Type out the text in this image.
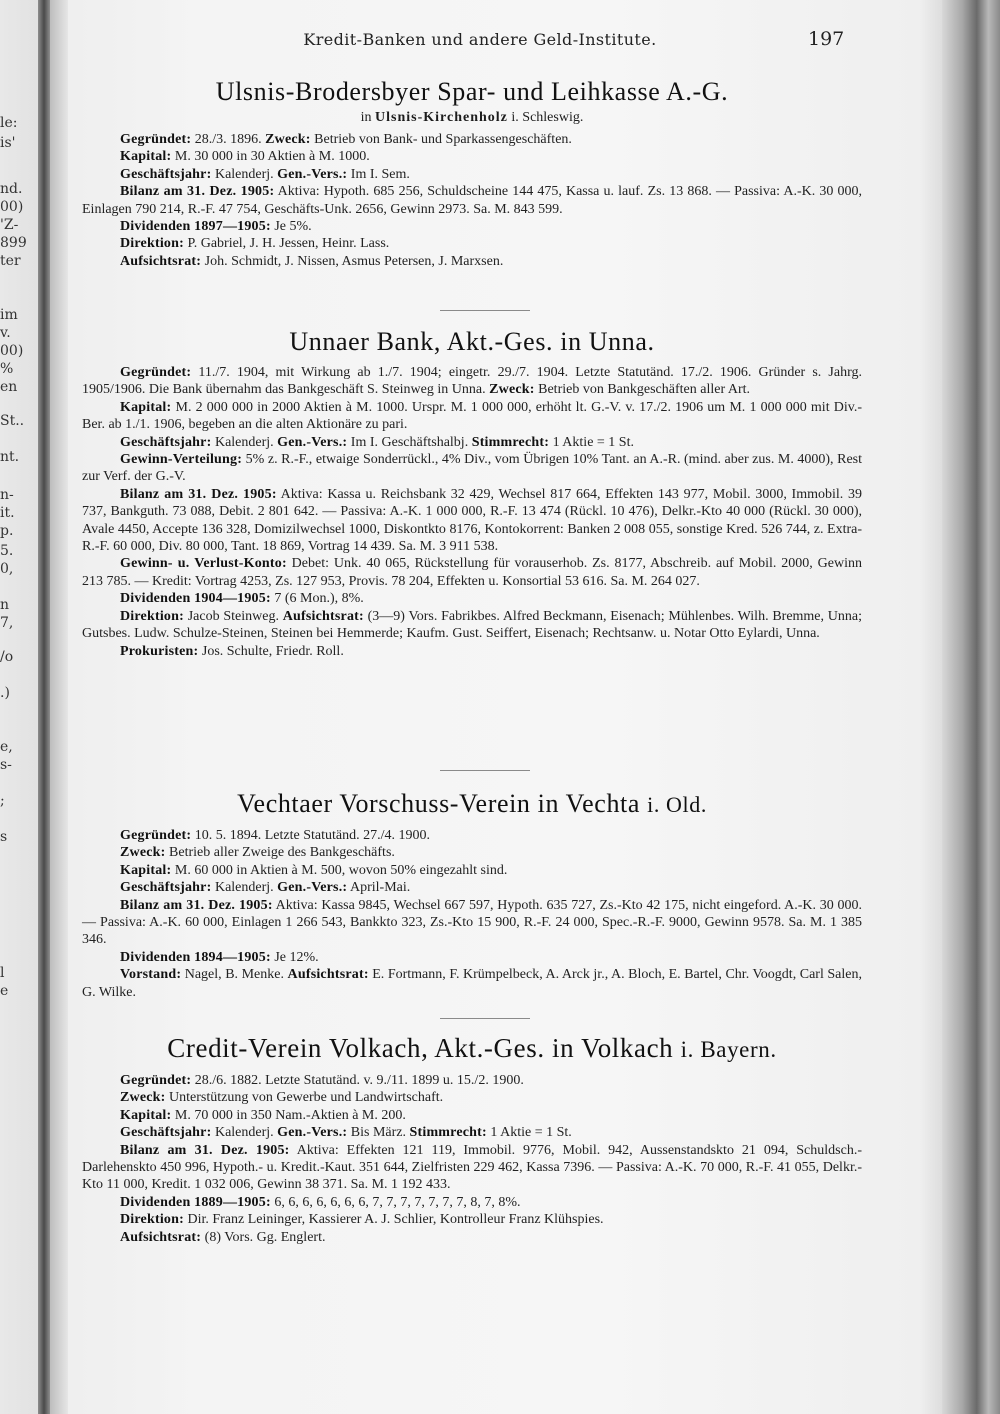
le:
is'
nd.
00)
'Z-
899
ter
im
v.
00)
%
en
St..
nt.
n-
it.
p.
5.
0,
n
7,
/o
.)
e,
s-
;
s
l
e
Kredit-Banken und andere Geld-Institute.	197
Ulsnis-Brodersbyer Spar- und Leihkasse A.-G.
in Ulsnis-Kirchenholz i. Schleswig.

Gegründet: 28./3. 1896. Zweck: Betrieb von Bank- und Sparkassengeschäften.

Kapital: M. 30 000 in 30 Aktien à M. 1000.

Geschäftsjahr: Kalenderj. Gen.-Vers.: Im I. Sem.

Bilanz am 31. Dez. 1905: Aktiva: Hypoth. 685 256, Schuldscheine 144 475, Kassa u. lauf. Zs. 13 868. — Passiva: A.-K. 30 000, Einlagen 790 214, R.-F. 47 754, Geschäfts-Unk. 2656, Gewinn 2973. Sa. M. 843 599.

Dividenden 1897—1905: Je 5%.

Direktion: P. Gabriel, J. H. Jessen, Heinr. Lass.

Aufsichtsrat: Joh. Schmidt, J. Nissen, Asmus Petersen, J. Marxsen.

Unnaer Bank, Akt.-Ges. in Unna.

Gegründet: 11./7. 1904, mit Wirkung ab 1./7. 1904; eingetr. 29./7. 1904. Letzte Statutänd. 17./2. 1906. Gründer s. Jahrg. 1905/1906. Die Bank übernahm das Bankgeschäft S. Steinweg in Unna. Zweck: Betrieb von Bankgeschäften aller Art.

Kapital: M. 2 000 000 in 2000 Aktien à M. 1000. Urspr. M. 1 000 000, erhöht lt. G.-V. v. 17./2. 1906 um M. 1 000 000 mit Div.-Ber. ab 1./1. 1906, begeben an die alten Aktionäre zu pari.

Geschäftsjahr: Kalenderj. Gen.-Vers.: Im I. Geschäftshalbj. Stimmrecht: 1 Aktie = 1 St.

Gewinn-Verteilung: 5% z. R.-F., etwaige Sonderrückl., 4% Div., vom Übrigen 10% Tant. an A.-R. (mind. aber zus. M. 4000), Rest zur Verf. der G.-V.

Bilanz am 31. Dez. 1905: Aktiva: Kassa u. Reichsbank 32 429, Wechsel 817 664, Effekten 143 977, Mobil. 3000, Immobil. 39 737, Bankguth. 73 088, Debit. 2 801 642. — Passiva: A.-K. 1 000 000, R.-F. 13 474 (Rückl. 10 476), Delkr.-Kto 40 000 (Rückl. 30 000), Avale 4450, Accepte 136 328, Domizilwechsel 1000, Diskontkto 8176, Kontokorrent: Banken 2 008 055, sonstige Kred. 526 744, z. Extra-R.-F. 60 000, Div. 80 000, Tant. 18 869, Vortrag 14 439. Sa. M. 3 911 538.

Gewinn- u. Verlust-Konto: Debet: Unk. 40 065, Rückstellung für vorauserhob. Zs. 8177, Abschreib. auf Mobil. 2000, Gewinn 213 785. — Kredit: Vortrag 4253, Zs. 127 953, Provis. 78 204, Effekten u. Konsortial 53 616. Sa. M. 264 027.

Dividenden 1904—1905: 7 (6 Mon.), 8%.

Direktion: Jacob Steinweg. Aufsichtsrat: (3—9) Vors. Fabrikbes. Alfred Beckmann, Eisenach; Mühlenbes. Wilh. Bremme, Unna; Gutsbes. Ludw. Schulze-Steinen, Steinen bei Hemmerde; Kaufm. Gust. Seiffert, Eisenach; Rechtsanw. u. Notar Otto Eylardi, Unna.

Prokuristen: Jos. Schulte, Friedr. Roll.

Vechtaer Vorschuss-Verein in Vechta i. Old.

Gegründet: 10. 5. 1894. Letzte Statutänd. 27./4. 1900.

Zweck: Betrieb aller Zweige des Bankgeschäfts.

Kapital: M. 60 000 in Aktien à M. 500, wovon 50% eingezahlt sind.

Geschäftsjahr: Kalenderj. Gen.-Vers.: April-Mai.

Bilanz am 31. Dez. 1905: Aktiva: Kassa 9845, Wechsel 667 597, Hypoth. 635 727, Zs.-Kto 42 175, nicht eingeford. A.-K. 30 000. — Passiva: A.-K. 60 000, Einlagen 1 266 543, Bankkto 323, Zs.-Kto 15 900, R.-F. 24 000, Spec.-R.-F. 9000, Gewinn 9578. Sa. M. 1 385 346.

Dividenden 1894—1905: Je 12%.

Vorstand: Nagel, B. Menke. Aufsichtsrat: E. Fortmann, F. Krümpelbeck, A. Arck jr., A. Bloch, E. Bartel, Chr. Voogdt, Carl Salen, G. Wilke.

Credit-Verein Volkach, Akt.-Ges. in Volkach i. Bayern.

Gegründet: 28./6. 1882. Letzte Statutänd. v. 9./11. 1899 u. 15./2. 1900.

Zweck: Unterstützung von Gewerbe und Landwirtschaft.

Kapital: M. 70 000 in 350 Nam.-Aktien à M. 200.

Geschäftsjahr: Kalenderj. Gen.-Vers.: Bis März. Stimmrecht: 1 Aktie = 1 St.

Bilanz am 31. Dez. 1905: Aktiva: Effekten 121 119, Immobil. 9776, Mobil. 942, Aussenstandskto 21 094, Schuldsch.-Darlehenskto 450 996, Hypoth.- u. Kredit.-Kaut. 351 644, Zielfristen 229 462, Kassa 7396. — Passiva: A.-K. 70 000, R.-F. 41 055, Delkr.-Kto 11 000, Kredit. 1 032 006, Gewinn 38 371. Sa. M. 1 192 433.

Dividenden 1889—1905: 6, 6, 6, 6, 6, 6, 6, 7, 7, 7, 7, 7, 7, 7, 8, 7, 8%.

Direktion: Dir. Franz Leininger, Kassierer A. J. Schlier, Kontrolleur Franz Klühspies.

Aufsichtsrat: (8) Vors. Gg. Englert.
